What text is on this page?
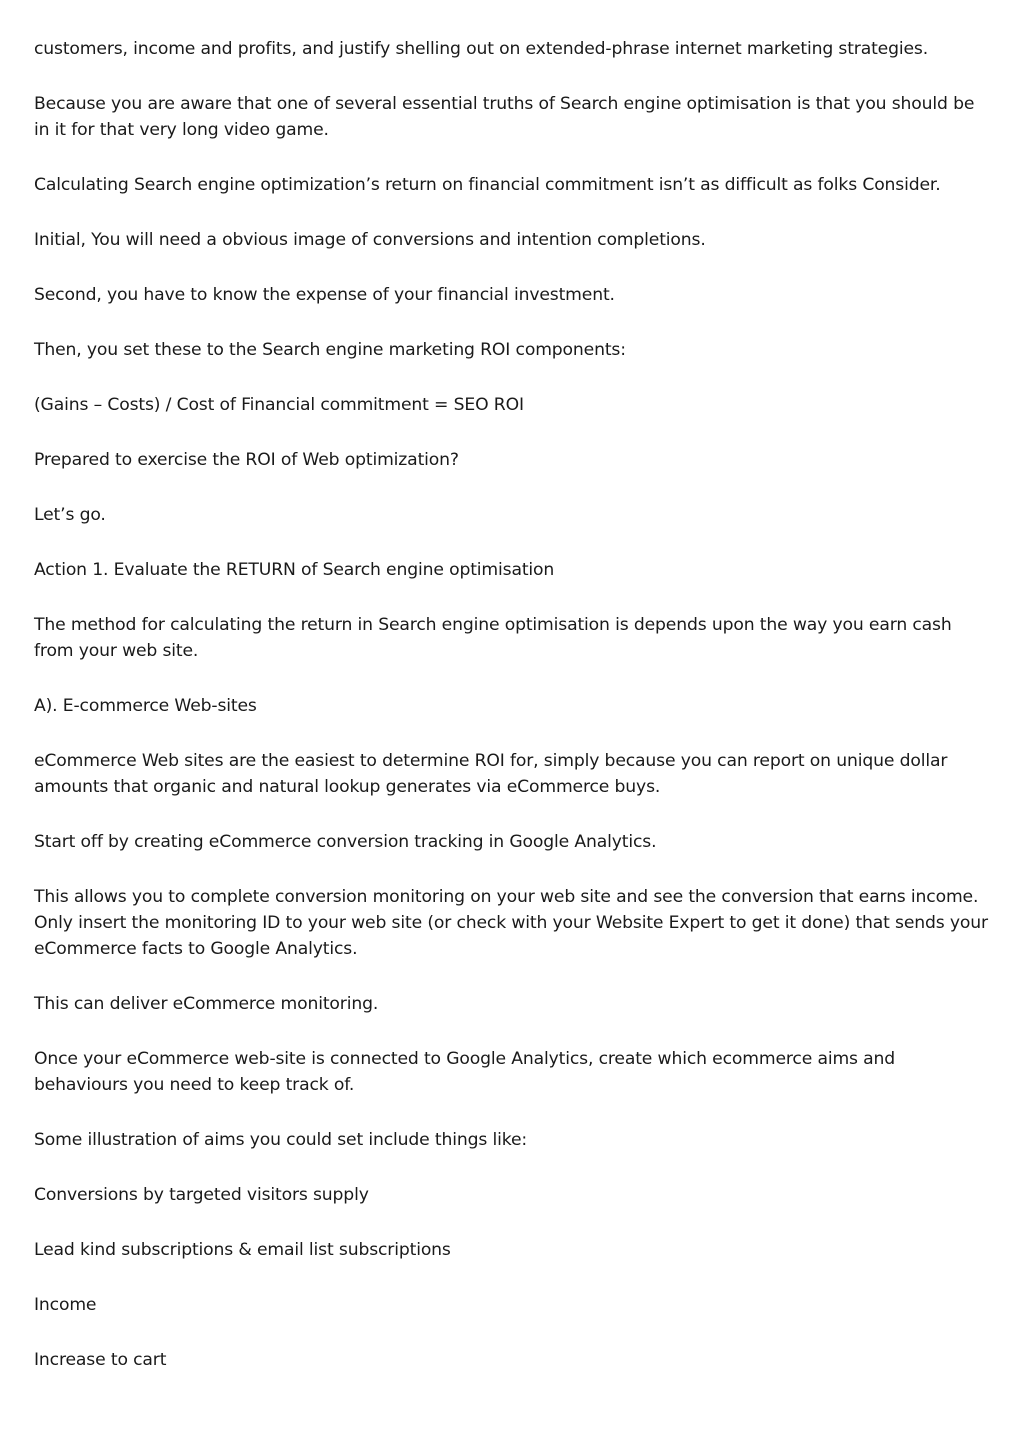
customers, income and profits, and justify shelling out on extended-phrase internet marketing strategies.

Because you are aware that one of several essential truths of Search engine optimisation is that you should be in it for that very long video game.

Calculating Search engine optimization’s return on financial commitment isn’t as difficult as folks Consider.

Initial, You will need a obvious image of conversions and intention completions.

Second, you have to know the expense of your financial investment.

Then, you set these to the Search engine marketing ROI components:

(Gains – Costs) / Cost of Financial commitment = SEO ROI

Prepared to exercise the ROI of Web optimization?

Let’s go.

Action 1. Evaluate the RETURN of Search engine optimisation

The method for calculating the return in Search engine optimisation is depends upon the way you earn cash from your web site.

A). E-commerce Web-sites

eCommerce Web sites are the easiest to determine ROI for, simply because you can report on unique dollar amounts that organic and natural lookup generates via eCommerce buys.

Start off by creating eCommerce conversion tracking in Google Analytics.

This allows you to complete conversion monitoring on your web site and see the conversion that earns income. Only insert the monitoring ID to your web site (or check with your Website Expert to get it done) that sends your eCommerce facts to Google Analytics.

This can deliver eCommerce monitoring.

Once your eCommerce web-site is connected to Google Analytics, create which ecommerce aims and behaviours you need to keep track of.

Some illustration of aims you could set include things like:

Conversions by targeted visitors supply

Lead kind subscriptions & email list subscriptions

Income

Increase to cart
